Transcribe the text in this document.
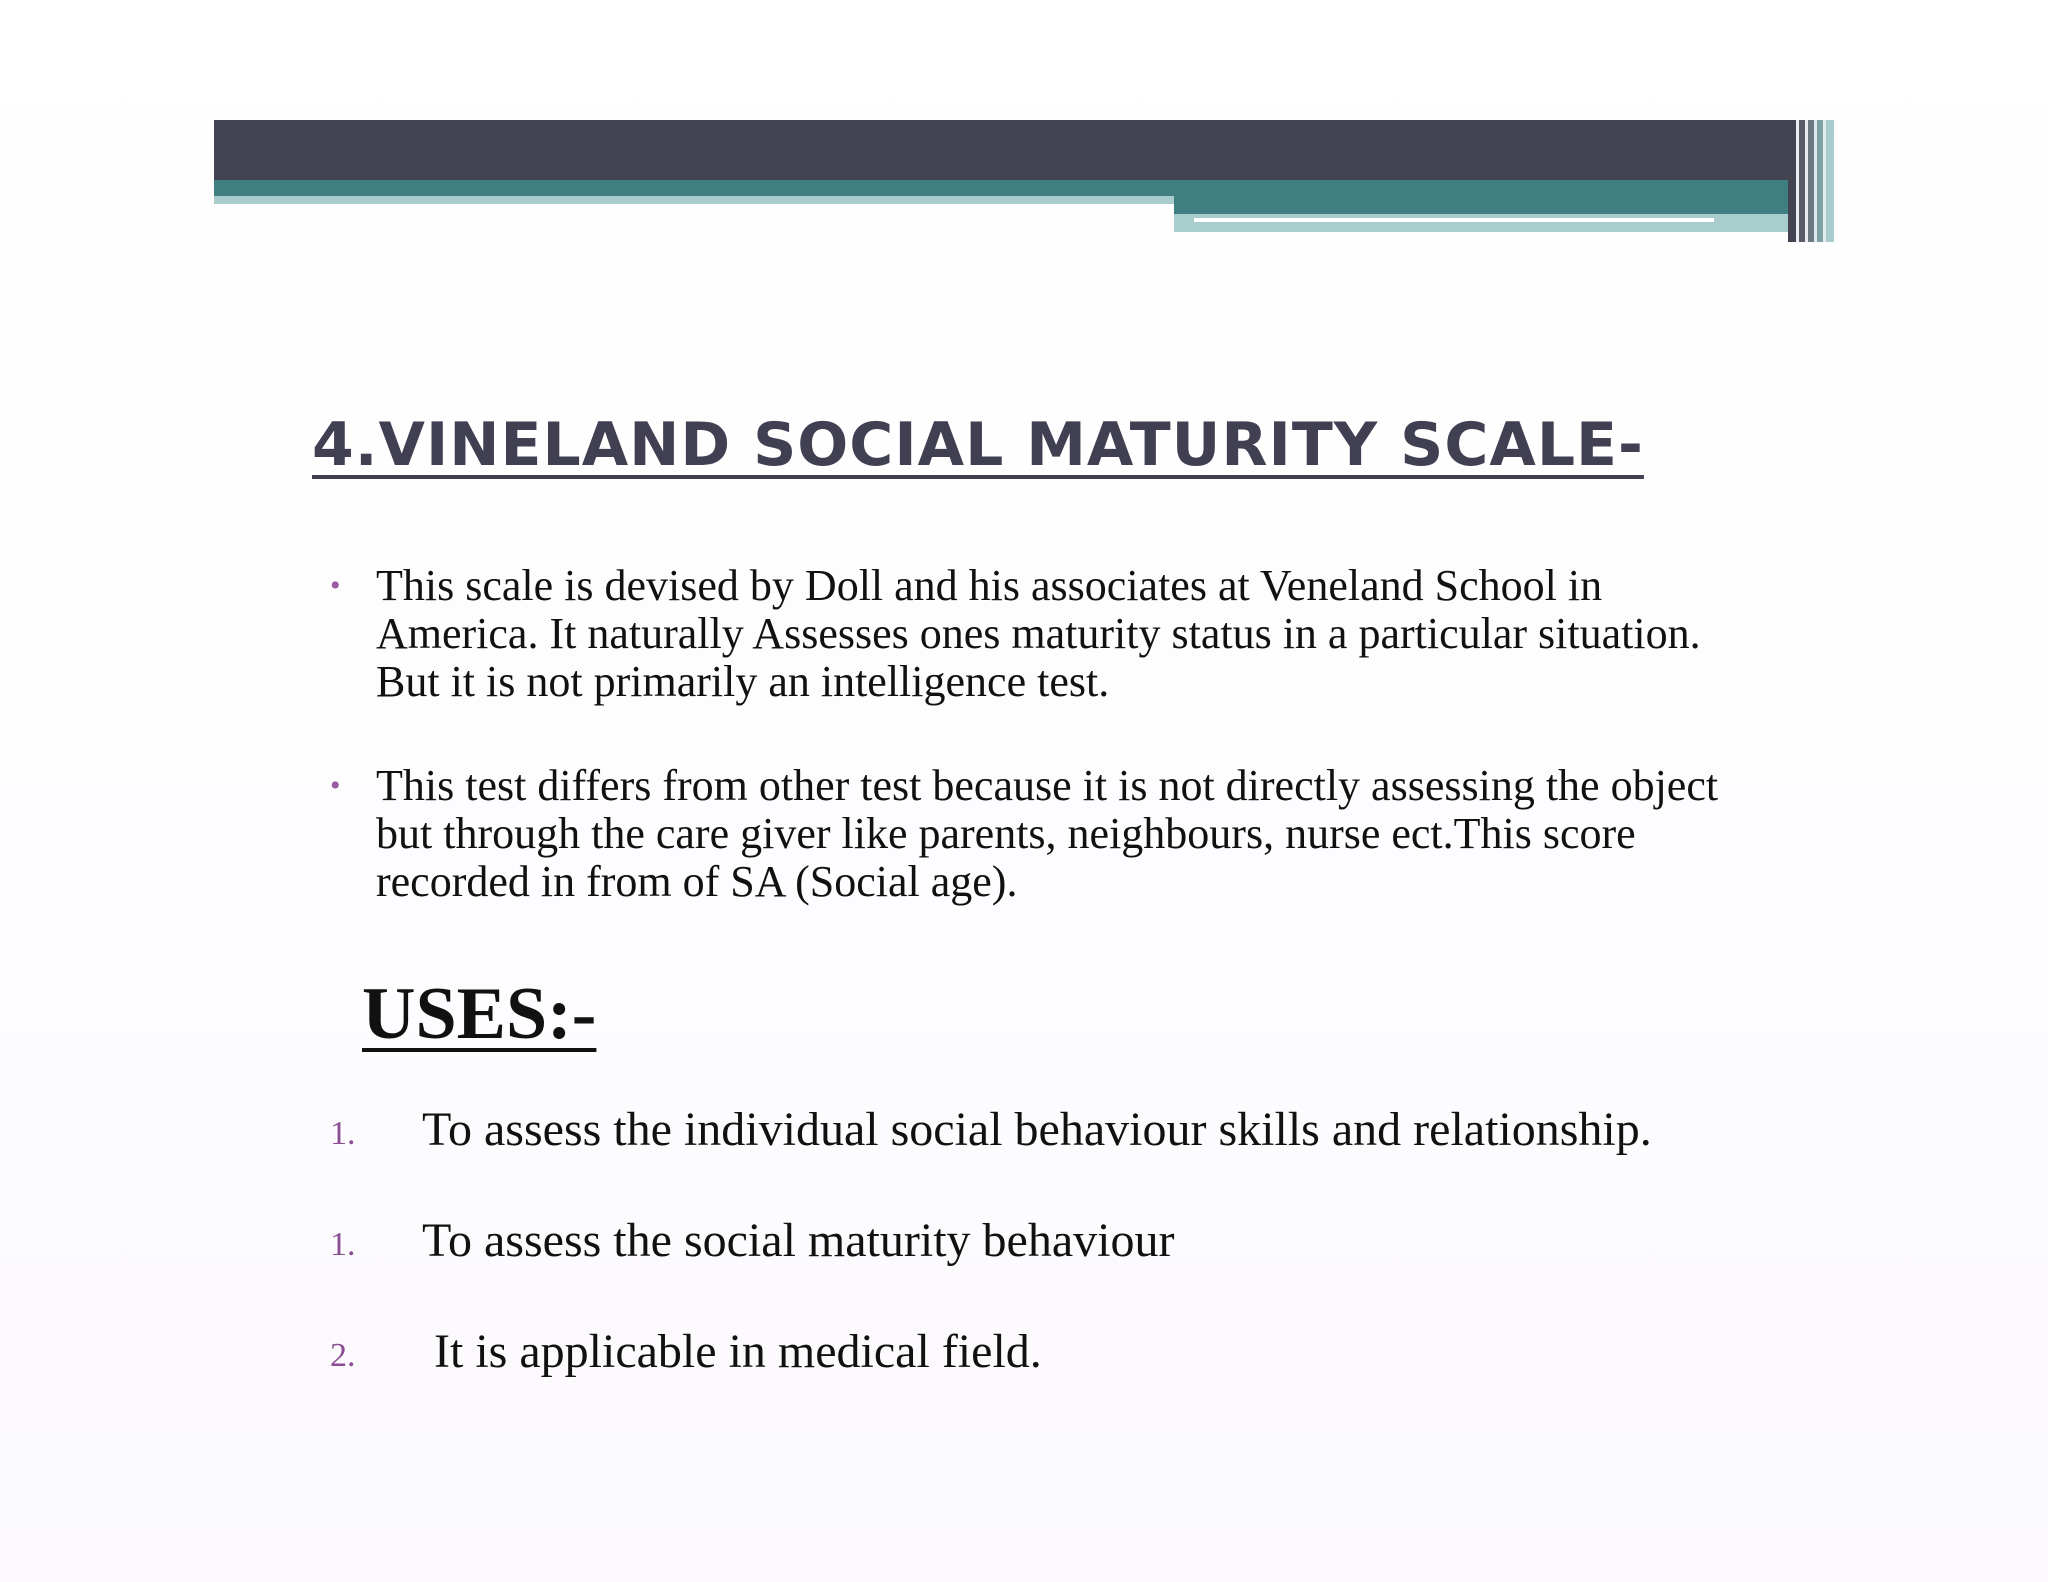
4.VINELAND SOCIAL MATURITY SCALE-
• This scale is devised by Doll and his associates at Veneland School in America. It naturally Assesses ones maturity status in a particular situation. But it is not primarily an intelligence test.
• This test differs from other test because it is not directly assessing the object but through the care giver like parents, neighbours, nurse ect.This score recorded in from of SA (Social age).
USES:-
1. To assess the individual social behaviour skills and relationship.
1. To assess the social maturity behaviour
2. It is applicable in medical field.
